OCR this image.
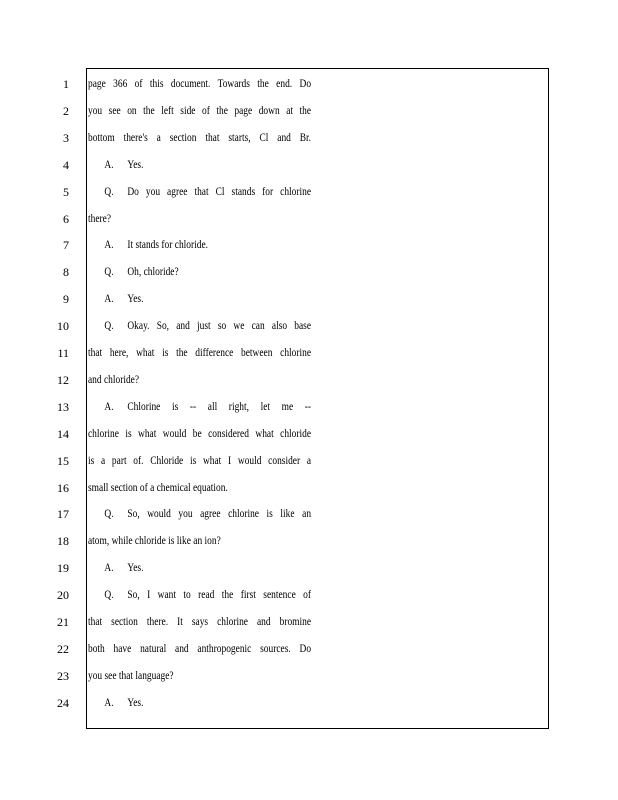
1 page 366 of this document. Towards the end. Do
2 you see on the left side of the page down at the
3 bottom there's a section that starts, Cl and Br.
4	A. Yes.
5	Q.	Do you agree that Cl stands for chlorine
6 there?
7	A. It stands for chloride.
8	Q. Oh, chloride?
9	A. Yes.
10	Q.	Okay. So, and just so we can also base
11 that here, what is the difference between chlorine
12 and chloride?
13	A.	Chlorine is -- all right, let me --
14 chlorine is what would be considered what chloride
15 is a part of. Chloride is what I would consider a
16 small section of a chemical equation.
17	Q.	So, would you agree chlorine is like an
18 atom, while chloride is like an ion?
19	A. Yes.
20	Q.	So, I want to read the first sentence of
21 that section there. It says chlorine and bromine
22 both have natural and anthropogenic sources. Do
23 you see that language?
24	A. Yes.
